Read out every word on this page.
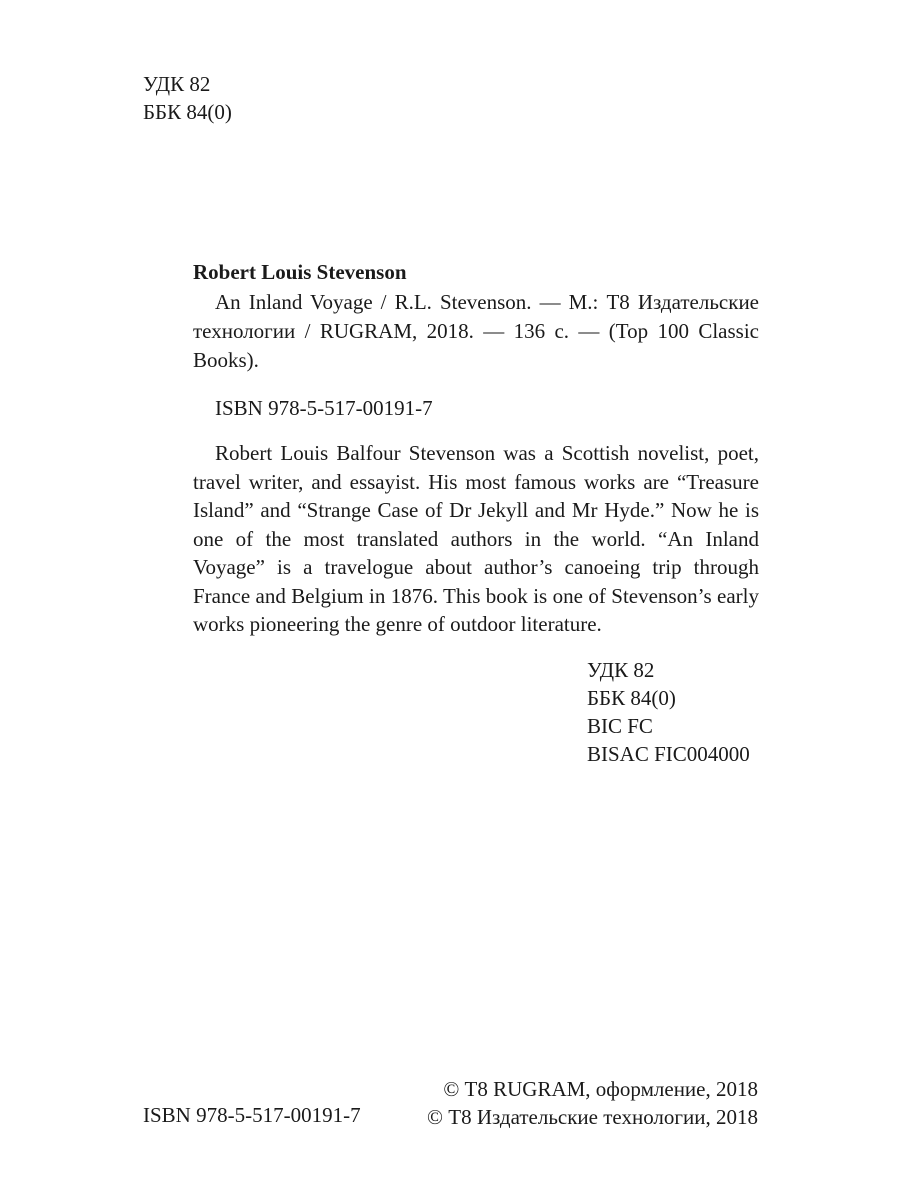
УДК 82
ББК 84(0)
Robert Louis Stevenson

An Inland Voyage / R.L. Stevenson. — М.: Т8 Издательские технологии / RUGRAM, 2018. — 136 с. — (Top 100 Classic Books).

ISBN 978-5-517-00191-7

Robert Louis Balfour Stevenson was a Scottish novelist, poet, travel writer, and essayist. His most famous works are “Treasure Island” and “Strange Case of Dr Jekyll and Mr Hyde.” Now he is one of the most translated authors in the world. “An Inland Voyage” is a travelogue about author’s canoeing trip through France and Belgium in 1876. This book is one of Stevenson’s early works pioneering the genre of outdoor literature.

УДК 82
ББК 84(0)
BIC FC
BISAC FIC004000
ISBN 978-5-517-00191-7
© Т8 RUGRAM, оформление, 2018
© Т8 Издательские технологии, 2018
